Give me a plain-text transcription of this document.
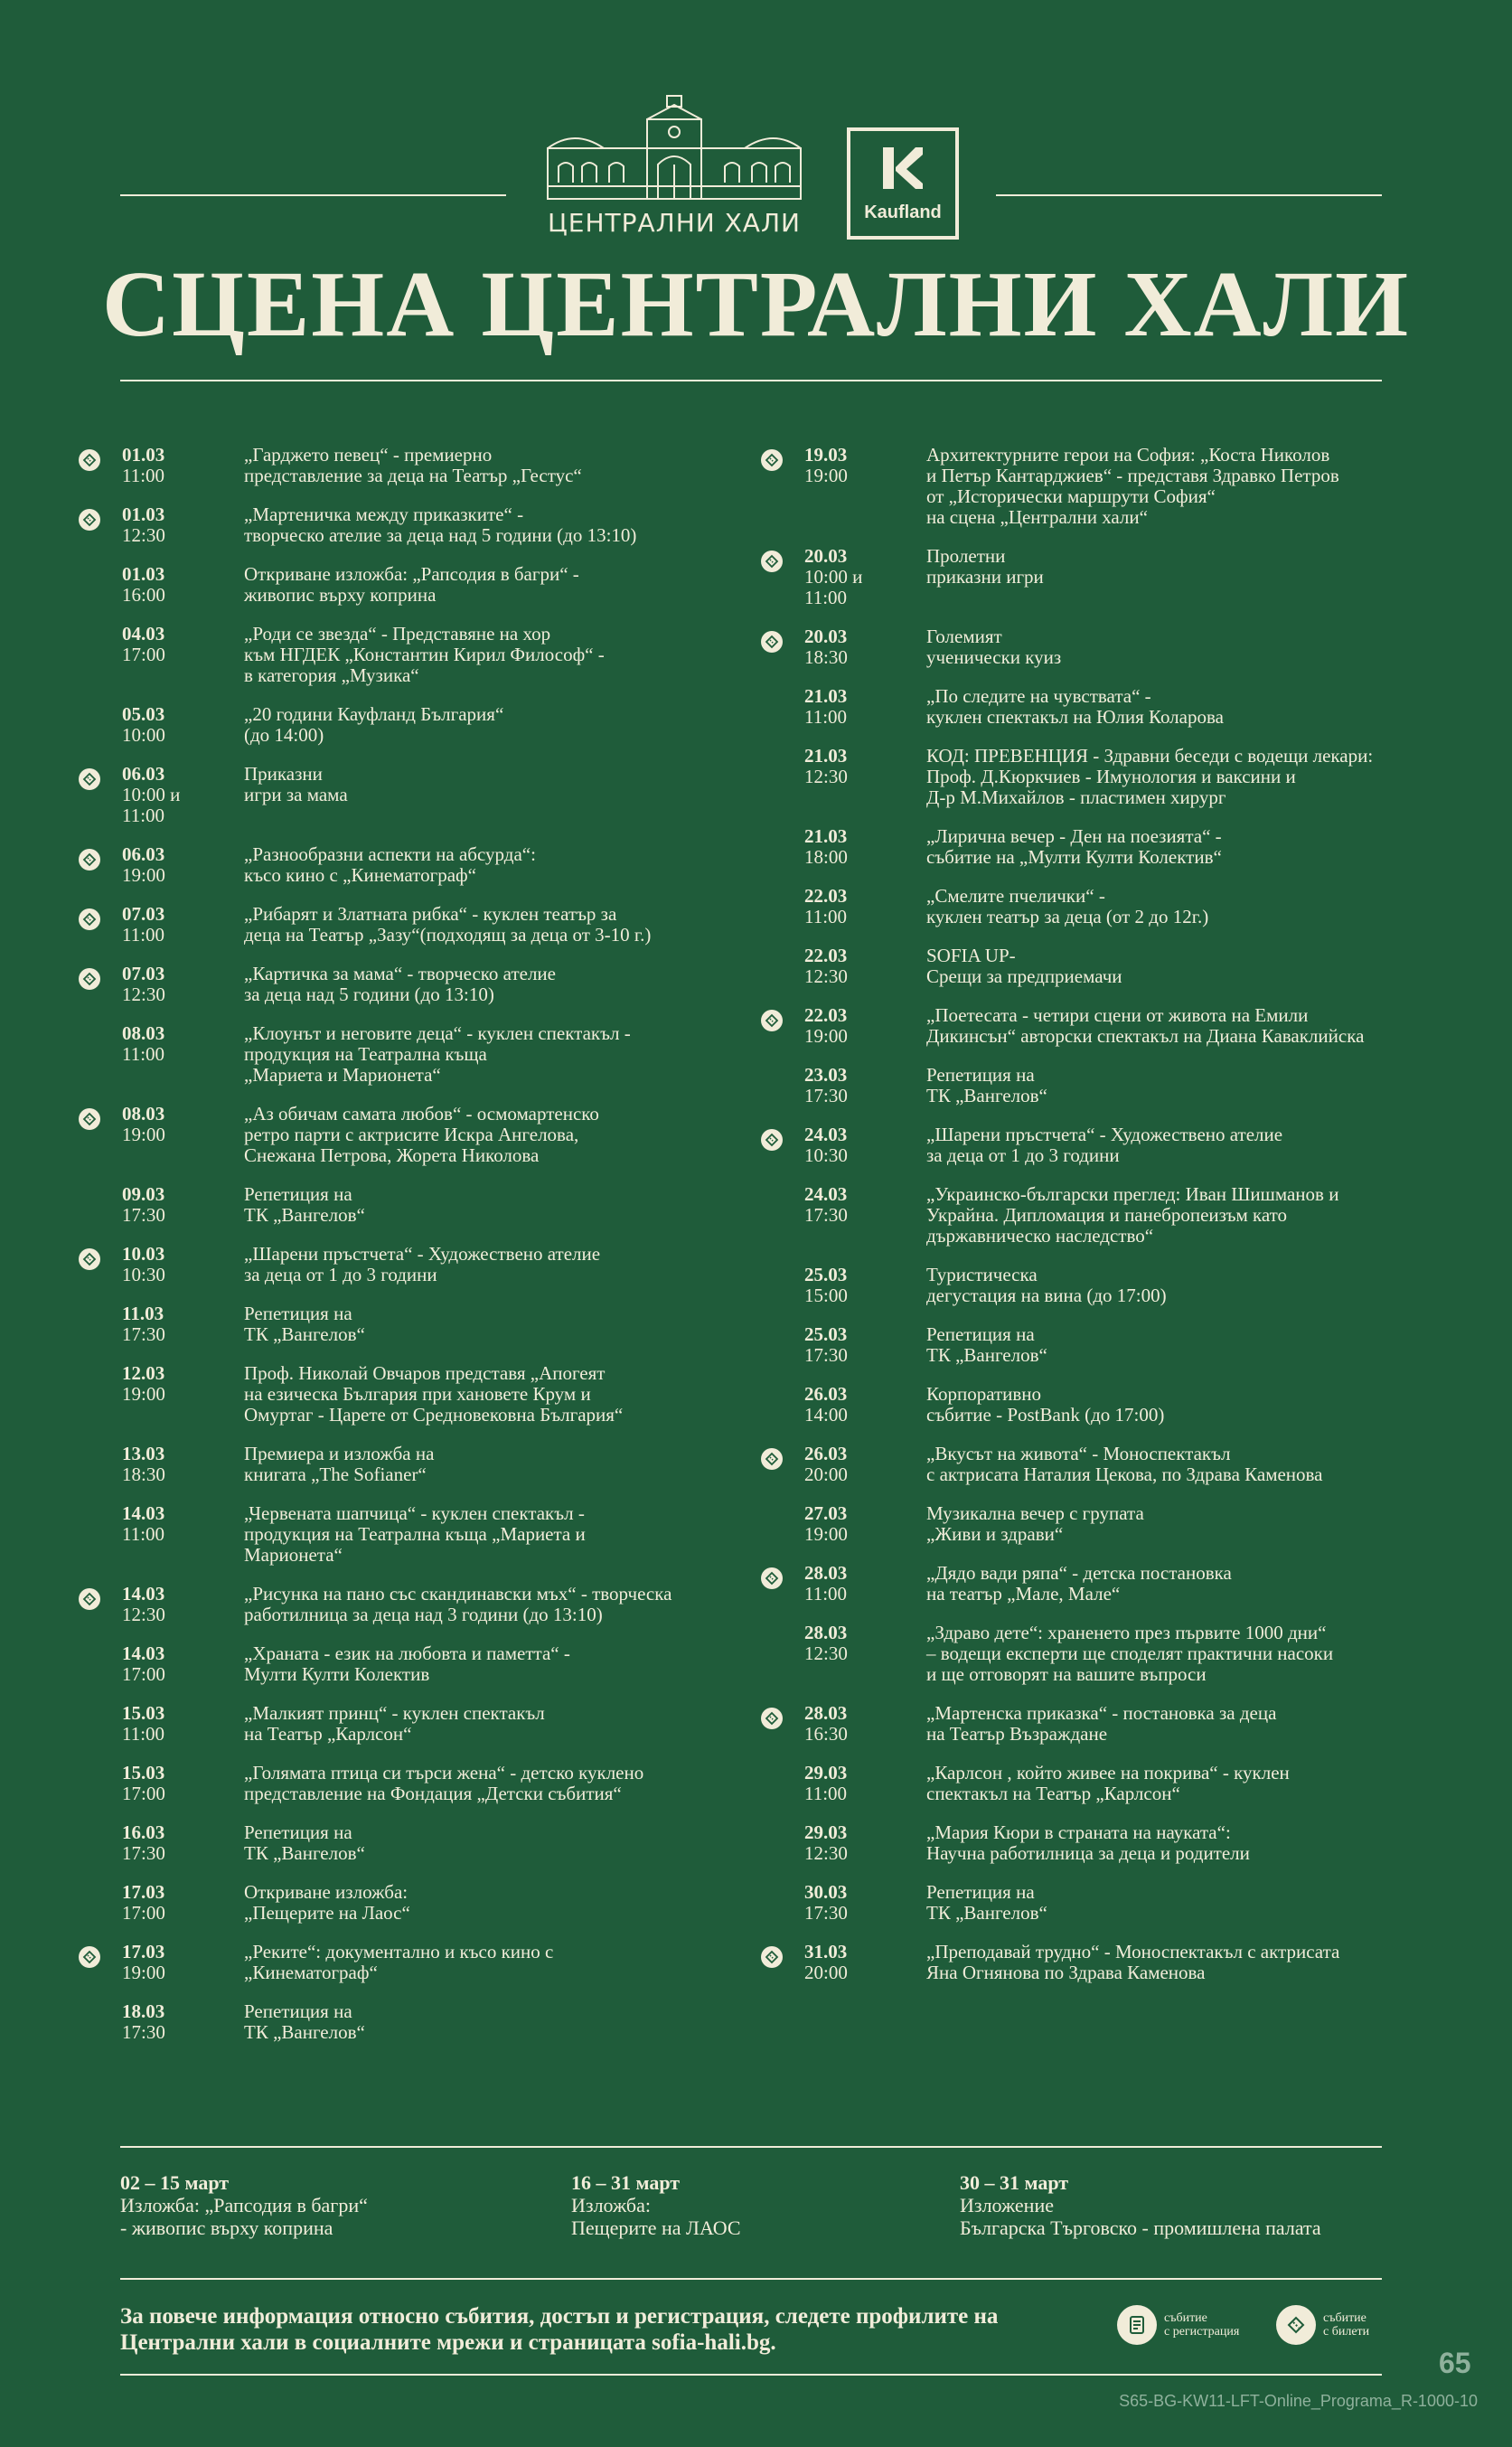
ЦЕНТРАЛНИ ХАЛИ	Kaufland
СЦЕНА ЦЕНТРАЛНИ ХАЛИ
01.03
11:00
„Гарджето певец“ - премиерно
представление за деца на Театър „Гестус“
01.03
12:30
„Мартеничка между приказките“ -
творческо ателие за деца над 5 години (до 13:10)
01.03
16:00
Откриване изложба: „Рапсодия в багри“ -
живопис върху коприна
04.03
17:00
„Роди се звезда“ - Представяне на хор
към НГДЕК „Константин Кирил Философ“ -
в категория „Музика“
05.03
10:00
„20 години Кауфланд България“
(до 14:00)
06.03
10:00 и
11:00
Приказни
игри за мама
06.03
19:00
„Разнообразни аспекти на абсурда“:
късо кино с „Кинематограф“
07.03
11:00
„Рибарят и Златната рибка“ - куклен театър за
деца на Театър „Зазу“(подходящ за деца от 3-10 г.)
07.03
12:30
„Картичка за мама“ - творческо ателие
за деца над 5 години (до 13:10)
08.03
11:00
„Клоунът и неговите деца“ - куклен спектакъл -
продукция на Театрална къща
„Мариета и Марионета“
08.03
19:00
„Аз обичам самата любов“ - осмомартенско
ретро парти с актрисите Искра Ангелова,
Снежана Петрова, Жорета Николова
09.03
17:30
Репетиция на
ТК „Вангелов“
10.03
10:30
„Шарени пръстчета“ - Художествено ателие
за деца от 1 до 3 години
11.03
17:30
Репетиция на
ТК „Вангелов“
12.03
19:00
Проф. Николай Овчаров представя „Апогеят
на езическа България при хановете Крум и
Омуртаг - Царете от Средновековна България“
13.03
18:30
Премиера и изложба на
книгата „The Sofianer“
14.03
11:00
„Червената шапчица“ - куклен спектакъл -
продукция на Театрална къща „Мариета и
Марионета“
14.03
12:30
„Рисунка на пано със скандинавски мъх“ - творческа
работилница за деца над 3 години (до 13:10)
14.03
17:00
„Храната - език на любовта и паметта“ -
Мулти Култи Колектив
15.03
11:00
„Малкият принц“ - куклен спектакъл
на Театър „Карлсон“
15.03
17:00
„Голямата птица си търси жена“ - детско куклено
представление на Фондация „Детски събития“
16.03
17:30
Репетиция на
ТК „Вангелов“
17.03
17:00
Откриване изложба:
„Пещерите на Лаос“
17.03
19:00
„Реките“: документално и късо кино с
„Кинематограф“
18.03
17:30
Репетиция на
ТК „Вангелов“
19.03
19:00
Архитектурните герои на София: „Коста Николов
и Петър Кантарджиев“ - представя Здравко Петров
от „Исторически маршрути София“
на сцена „Централни хали“
20.03
10:00 и
11:00
Пролетни
приказни игри
20.03
18:30
Големият
ученически куиз
21.03
11:00
„По следите на чувствата“ -
куклен спектакъл на Юлия Коларова
21.03
12:30
КОД: ПРЕВЕНЦИЯ - Здравни беседи с водещи лекари:
Проф. Д.Кюркчиев - Имунология и ваксини и
Д-р М.Михайлов - пластимен хирург
21.03
18:00
„Лирична вечер - Ден на поезията“ -
събитие на „Мулти Култи Колектив“
22.03
11:00
„Смелите пчелички“ -
куклен театър за деца (от 2 до 12г.)
22.03
12:30
SOFIA UP-
Срещи за предприемачи
22.03
19:00
„Поетесата - четири сцени от живота на Емили
Дикинсън“ авторски спектакъл на Диана Каваклийска
23.03
17:30
Репетиция на
ТК „Вангелов“
24.03
10:30
„Шарени пръстчета“ - Художествено ателие
за деца от 1 до 3 години
24.03
17:30
„Украинско-български преглед: Иван Шишманов и
Украйна. Дипломация и панебропеизъм като
държавническо наследство“
25.03
15:00
Туристическа
дегустация на вина (до 17:00)
25.03
17:30
Репетиция на
ТК „Вангелов“
26.03
14:00
Корпоративно
събитие - PostBank (до 17:00)
26.03
20:00
„Вкусът на живота“ - Моноспектакъл
с актрисата Наталия Цекова, по Здрава Каменова
27.03
19:00
Музикална вечер с групата
„Живи и здрави“
28.03
11:00
„Дядо вади ряпа“ - детска постановка
на театър „Мале, Мале“
28.03
12:30
„Здраво дете“: храненето през първите 1000 дни“
– водещи експерти ще споделят практични насоки
и ще отговорят на вашите въпроси
28.03
16:30
„Мартенска приказка“ - постановка за деца
на Театър Възраждане
29.03
11:00
„Карлсон , който живее на покрива“ - куклен
спектакъл на Театър „Карлсон“
29.03
12:30
„Мария Кюри в страната на науката“:
Научна работилница за деца и родители
30.03
17:30
Репетиция на
ТК „Вангелов“
31.03
20:00
„Преподавай трудно“ - Моноспектакъл с актрисата
Яна Огнянова по Здрава Каменова
02 – 15 март
Изложба: „Рапсодия в багри“
- живопис върху коприна
16 – 31 март
Изложба:
Пещерите на ЛАОС
30 – 31 март
Изложение
Българска Търговско - промишлена палата
За повече информация относно събития, достъп и регистрация, следете профилите на Централни хали в социалните мрежи и страницата sofia-hali.bg.
събитие
с регистрация
събитие
с билети
65
S65-BG-KW11-LFT-Online_Programa_R-1000-10
